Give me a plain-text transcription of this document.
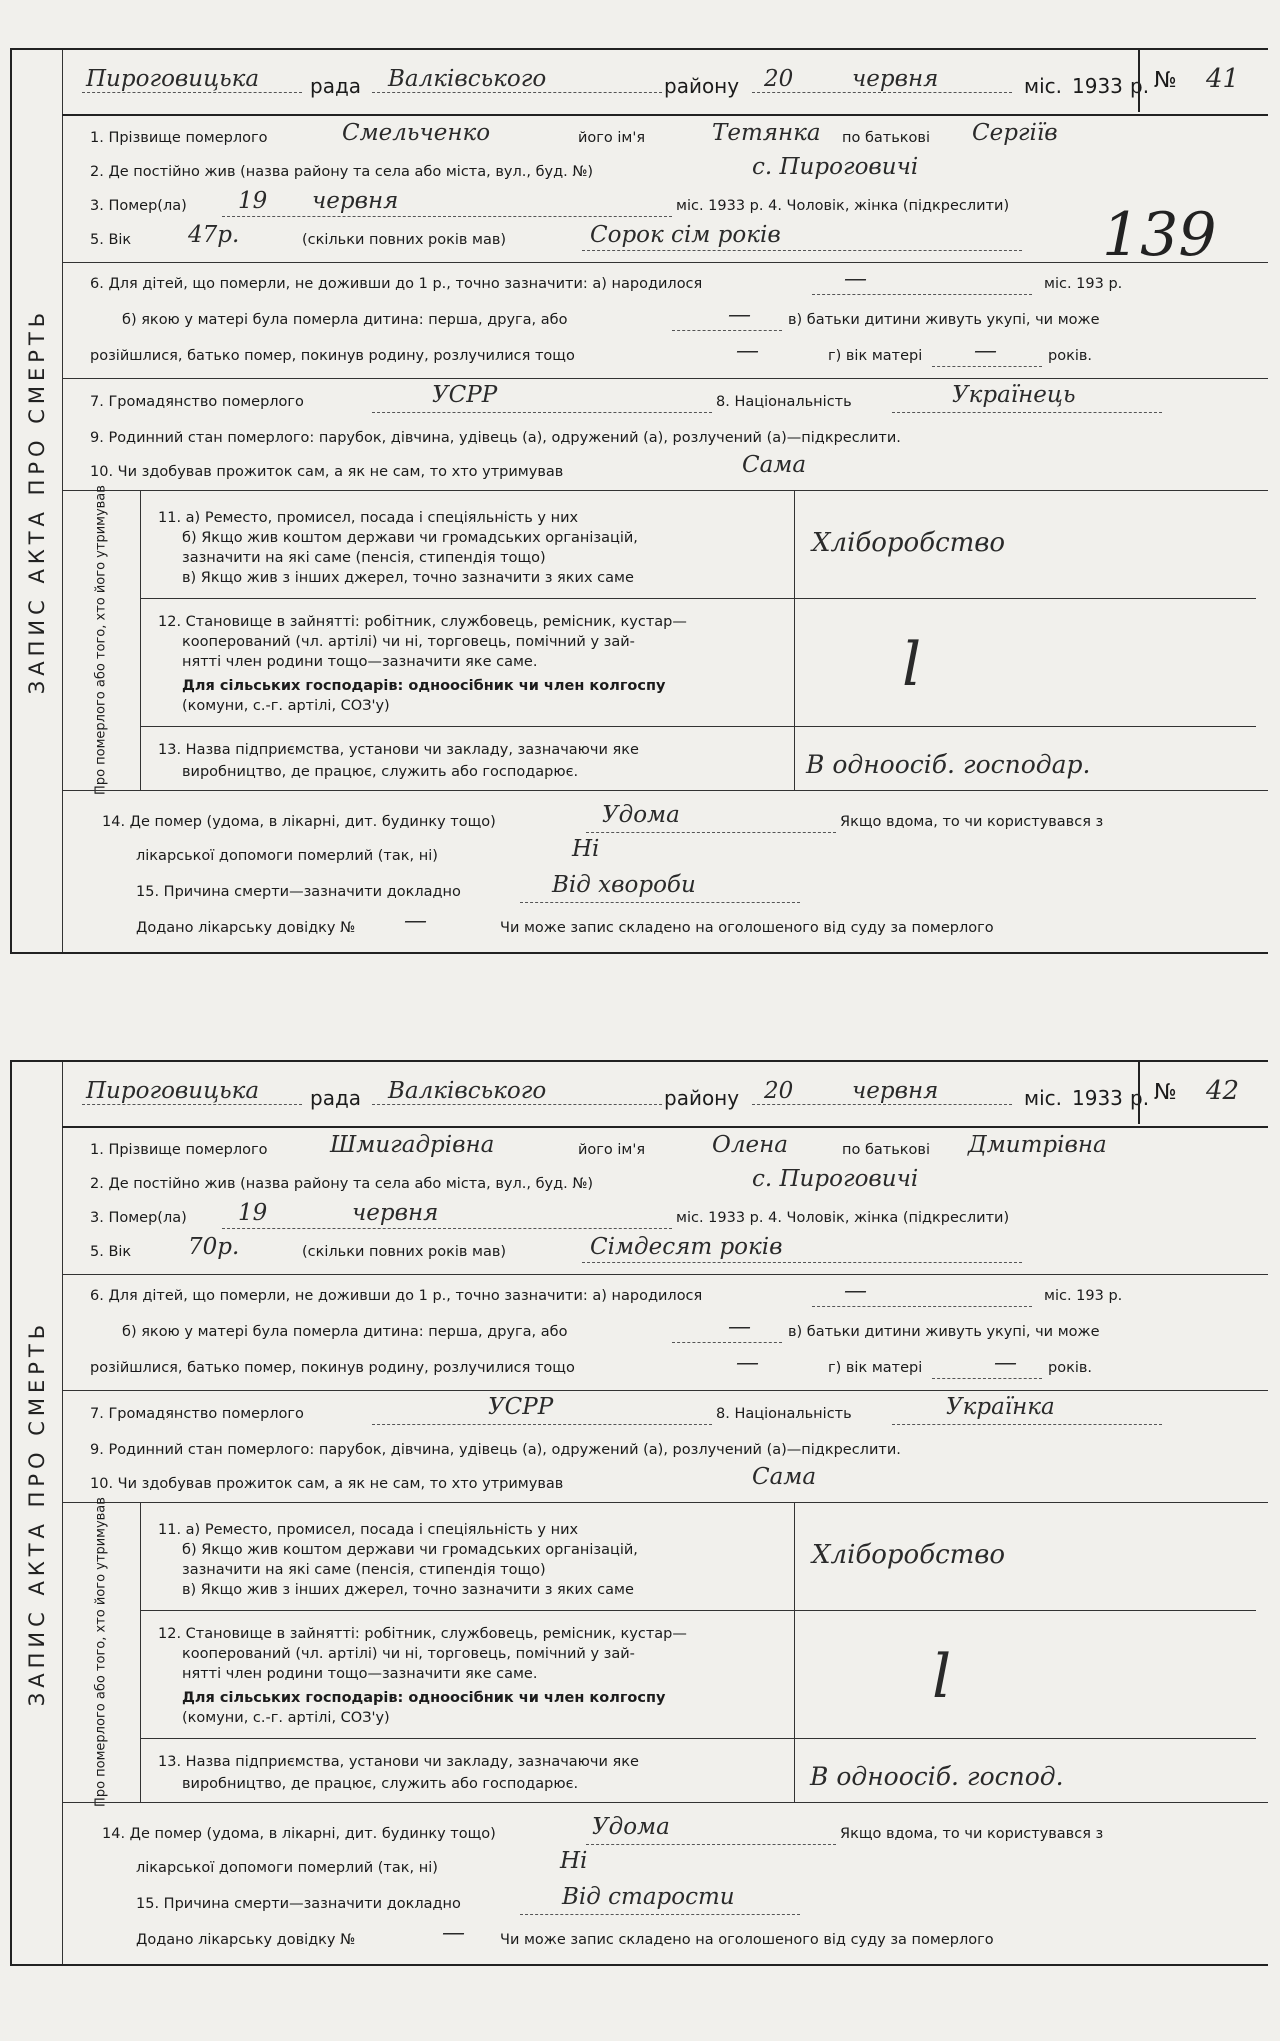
ЗАПИС АКТА ПРО СМЕРТЬ
Пироговицька	рада Валківського	району 20	червня	міс. 1933 р. № 41
1. Прізвище померлого	Смельченко	його ім'я	Тетянка по батькові Сергіїв
2. Де постійно жив (назва району та села або міста, вул., буд. №)	с. Пироговичі
3. Помер(ла) 19 червня	міс. 1933 р. 4. Чоловік, жінка (підкреслити)
5. Вік 47р.	(скільки повних років мав)	Сорок сім років
6. Для дітей, що померли, не доживши до 1 р., точно зазначити: а) народилося	—	міс. 193 р.
б) якою у матері була померла дитина: перша, друга, або	—	в) батьки дитини живуть укупі, чи може
розійшлися, батько помер, покинув родину, розлучилися тощо	—	г) вік матері —	років.
7. Громадянство померлого	УСРР	8. Національність	Українець
9. Родинний стан померлого: парубок, дівчина, удівець (а), одружений (а), розлучений (а)—підкреслити.
10. Чи здобував прожиток сам, а як не сам, то хто утримував	Сама
Про померлого або того, хто його утримував	11. а) Реместо, промисел, посада і спеціяльність у них
б) Якщо жив коштом держави чи громадських організацій,
зазначити на які саме (пенсія, стипендія тощо)
в) Якщо жив з інших джерел, точно зазначити з яких саме
Хліборобство
12. Становище в зайнятті: робітник, службовець, ремісник, кустар—
кооперований (чл. артілі) чи ні, торговець, помічний у зай-
нятті член родини тощо—зазначити яке саме.
Для сільських господарів: одноосібник чи член колгоспу
(комуни, с.-г. артілі, СОЗ'у)
l
13. Назва підприємства, установи чи закладу, зазначаючи яке
виробництво, де працює, служить або господарює.	В одноосіб. господар.
14. Де помер (удома, в лікарні, дит. будинку тощо)	Удома	Якщо вдома, то чи користувався з
лікарської допомоги померлий (так, ні)	Ні
15. Причина смерти—зазначити докладно	Від хвороби
Додано лікарську довідку № —	Чи може запис складено на оголошеного від суду за померлого
139
ЗАПИС АКТА ПРО СМЕРТЬ
Пироговицька	рада Валківського	району 20	червня	міс. 1933 р. № 42
1. Прізвище померлого	Шмигадрівна	його ім'я	Олена	по батькові Дмитрівна
2. Де постійно жив (назва району та села або міста, вул., буд. №)	с. Пироговичі
3. Помер(ла) 19	червня	міс. 1933 р. 4. Чоловік, жінка (підкреслити)
5. Вік 70р.	(скільки повних років мав)	Сімдесят років
6. Для дітей, що померли, не доживши до 1 р., точно зазначити: а) народилося	—	міс. 193 р.
б) якою у матері була померла дитина: перша, друга, або	—	в) батьки дитини живуть укупі, чи може
розійшлися, батько помер, покинув родину, розлучилися тощо	—	г) вік матері	— років.
7. Громадянство померлого	УСРР	8. Національність	Українка
9. Родинний стан померлого: парубок, дівчина, удівець (а), одружений (а), розлучений (а)—підкреслити.
10. Чи здобував прожиток сам, а як не сам, то хто утримував	Сама
Про померлого або того, хто його утримував	11. а) Реместо, промисел, посада і спеціяльність у них
б) Якщо жив коштом держави чи громадських організацій,
зазначити на які саме (пенсія, стипендія тощо)
в) Якщо жив з інших джерел, точно зазначити з яких саме
Хліборобство
12. Становище в зайнятті: робітник, службовець, ремісник, кустар—
кооперований (чл. артілі) чи ні, торговець, помічний у зай-
нятті член родини тощо—зазначити яке саме.
Для сільських господарів: одноосібник чи член колгоспу
(комуни, с.-г. артілі, СОЗ'у)
l
13. Назва підприємства, установи чи закладу, зазначаючи яке
виробництво, де працює, служить або господарює.	В одноосіб. господ.
14. Де помер (удома, в лікарні, дит. будинку тощо)	Удома	Якщо вдома, то чи користувався з
лікарської допомоги померлий (так, ні)	Ні
15. Причина смерти—зазначити докладно	Від старости
Додано лікарську довідку №	— Чи може запис складено на оголошеного від суду за померлого
